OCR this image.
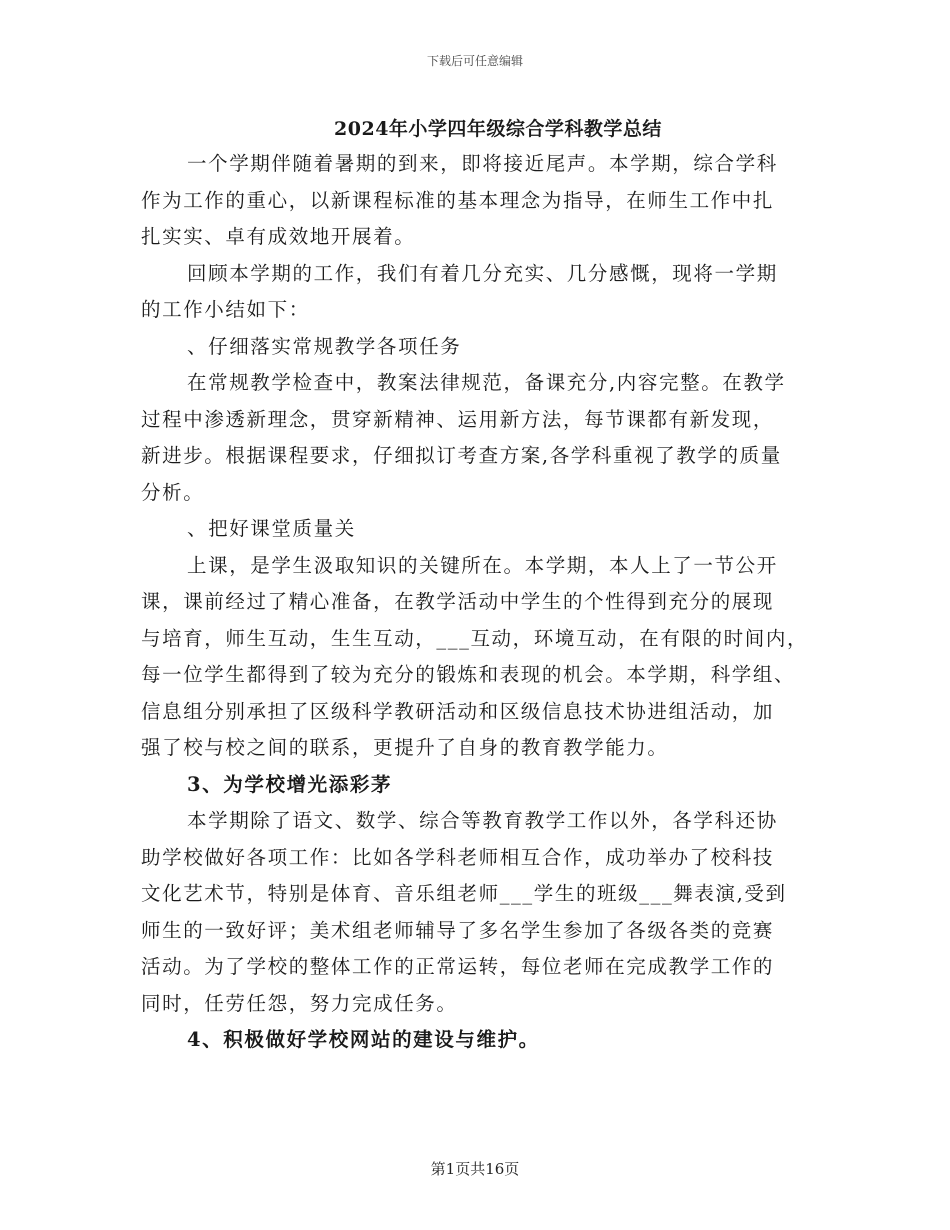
下载后可任意编辑
2024年小学四年级综合学科教学总结
一个学期伴随着暑期的到来，即将接近尾声。本学期，综合学科
作为工作的重心，以新课程标准的基本理念为指导，在师生工作中扎
扎实实、卓有成效地开展着。
回顾本学期的工作，我们有着几分充实、几分感慨，现将一学期
的工作小结如下：
、仔细落实常规教学各项任务
在常规教学检查中，教案法律规范，备课充分,内容完整。在教学
过程中渗透新理念，贯穿新精神、运用新方法，每节课都有新发现，
新进步。根据课程要求，仔细拟订考查方案,各学科重视了教学的质量
分析。
、把好课堂质量关
上课，是学生汲取知识的关键所在。本学期，本人上了一节公开
课，课前经过了精心准备，在教学活动中学生的个性得到充分的展现
与培育，师生互动，生生互动，___互动，环境互动，在有限的时间内，
每一位学生都得到了较为充分的锻炼和表现的机会。本学期，科学组、
信息组分别承担了区级科学教研活动和区级信息技术协进组活动，加
强了校与校之间的联系，更提升了自身的教育教学能力。
3、为学校增光添彩茅
本学期除了语文、数学、综合等教育教学工作以外，各学科还协
助学校做好各项工作：比如各学科老师相互合作，成功举办了校科技
文化艺术节，特别是体育、音乐组老师___学生的班级___舞表演,受到
师生的一致好评；美术组老师辅导了多名学生参加了各级各类的竞赛
活动。为了学校的整体工作的正常运转，每位老师在完成教学工作的
同时，任劳任怨，努力完成任务。
4、积极做好学校网站的建设与维护。
第1页共16页
